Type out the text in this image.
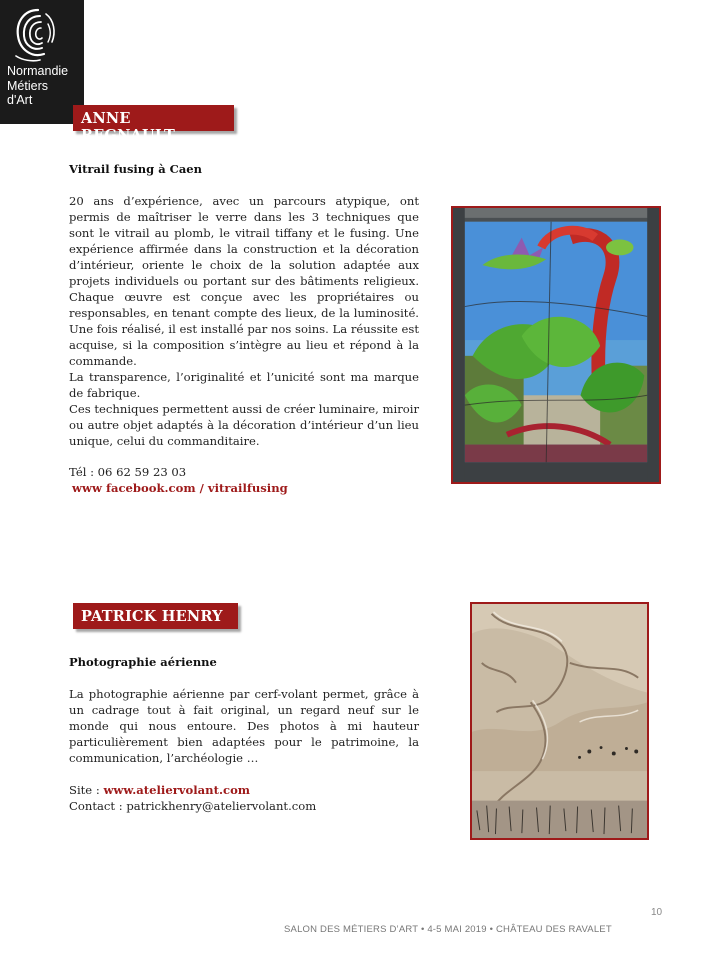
Normandie
Métiers
d'Art
ANNE REGNAULT
Vitrail fusing à Caen

20 ans d’expérience, avec un parcours atypique, ont permis de maîtriser le verre dans les 3 techniques que sont le vitrail au plomb, le vitrail tiffany et le fusing. Une expérience affirmée dans la construction et la décoration d’intérieur, oriente le choix de la solution adaptée aux projets individuels ou portant sur des bâtiments religieux. Chaque œuvre est conçue avec les propriétaires ou responsables, en tenant compte des lieux, de la luminosité. Une fois réalisé, il est installé par nos soins. La réussite est acquise, si la composition s’intègre au lieu et répond à la commande.

La transparence, l’originalité et l’unicité sont ma marque de fabrique.

Ces techniques permettent aussi de créer luminaire, miroir ou autre objet adaptés à la décoration d’intérieur d’un lieu unique, celui du commanditaire.

Tél : 06 62 59 23 03
www facebook.com / vitrailfusing
PATRICK HENRY
Photographie aérienne

La photographie aérienne par cerf-volant permet, grâce à un cadrage tout à fait original, un regard neuf sur le monde qui nous entoure. Des photos à mi hauteur particulièrement bien adaptées pour le patrimoine, la communication, l’archéologie …

Site : www.ateliervolant.com
Contact : patrickhenry@ateliervolant.com
10
SALON DES MÉTIERS D’ART • 4-5 MAI 2019 • CHÂTEAU DES RAVALET
